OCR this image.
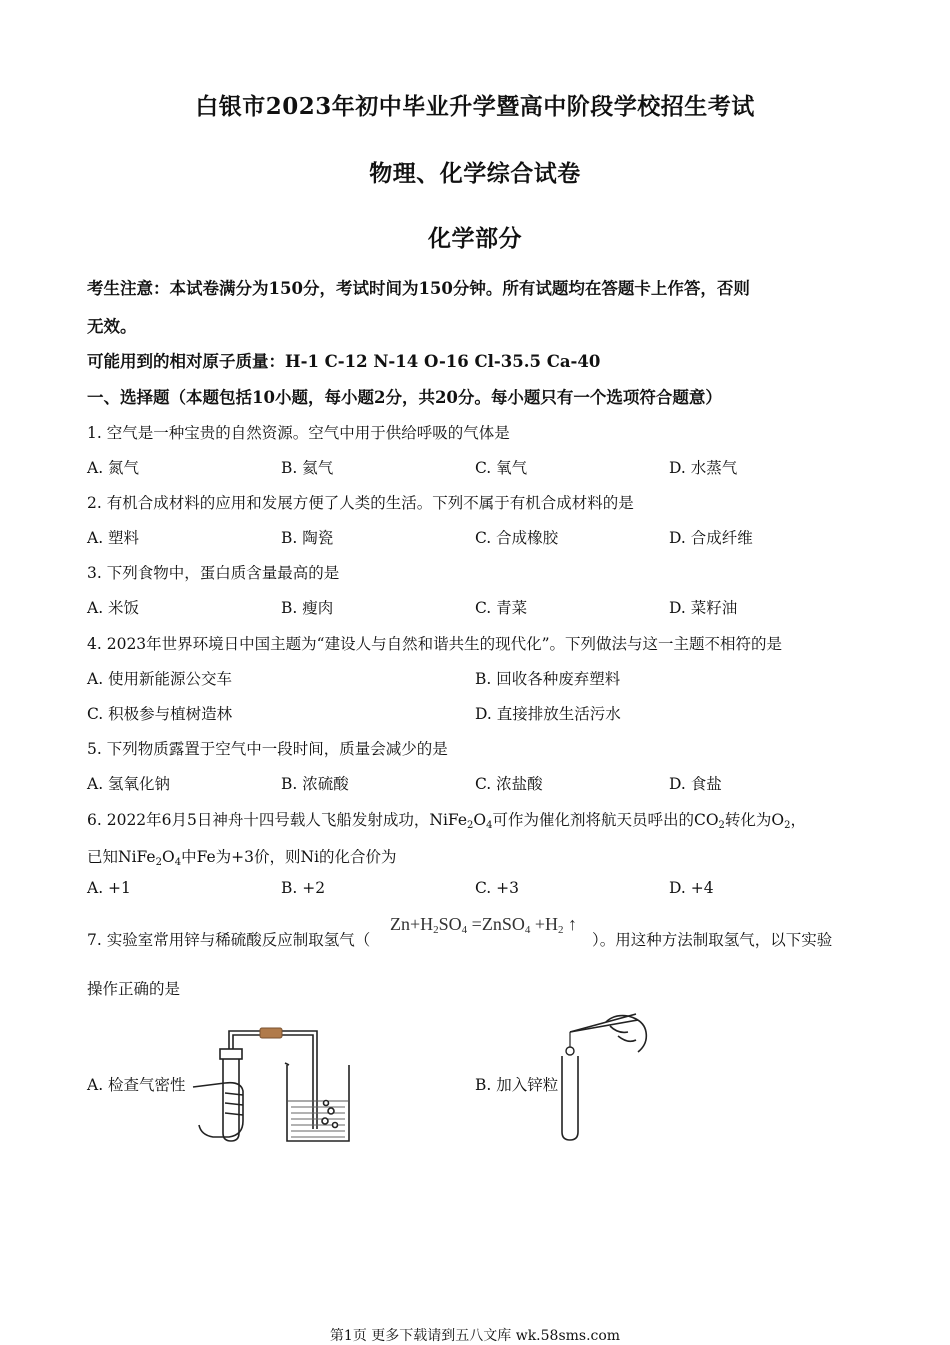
白银市2023年初中毕业升学暨高中阶段学校招生考试
物理、化学综合试卷
化学部分
考生注意：本试卷满分为150分，考试时间为150分钟。所有试题均在答题卡上作答，否则
无效。
可能用到的相对原子质量：H-1 C-12 N-14 O-16 Cl-35.5 Ca-40
一、选择题（本题包括10小题，每小题2分，共20分。每小题只有一个选项符合题意）
1. 空气是一种宝贵的自然资源。空气中用于供给呼吸的气体是
A. 氮气	B. 氦气	C. 氧气	D. 水蒸气
2. 有机合成材料的应用和发展方便了人类的生活。下列不属于有机合成材料的是
A. 塑料	B. 陶瓷	C. 合成橡胶	D. 合成纤维
3. 下列食物中，蛋白质含量最高的是
A. 米饭	B. 瘦肉	C. 青菜	D. 菜籽油
4. 2023年世界环境日中国主题为“建设人与自然和谐共生的现代化”。下列做法与这一主题不相符的是
A. 使用新能源公交车	B. 回收各种废弃塑料
C. 积极参与植树造林	D. 直接排放生活污水
5. 下列物质露置于空气中一段时间，质量会减少的是
A. 氢氧化钠	B. 浓硫酸	C. 浓盐酸	D. 食盐
6. 2022年6月5日神舟十四号载人飞船发射成功，$NiFe_2O_4$可作为催化剂将航天员呼出的$CO_2$转化为$O_2$，
已知$NiFe_2O_4$中Fe为+3价，则Ni的化合价为
A. +1	B. +2	C. +3	D. +4
7. 实验室常用锌与稀硫酸反应制取氢气（
$Zn+H_2SO_4$ =ZnSO$_4$ $+H_2$ ↑
）。用这种方法制取氢气，以下实验
操作正确的是
A. 检查气密性	B. 加入锌粒
第1页 更多下载请到五八文库 wk.58sms.com
